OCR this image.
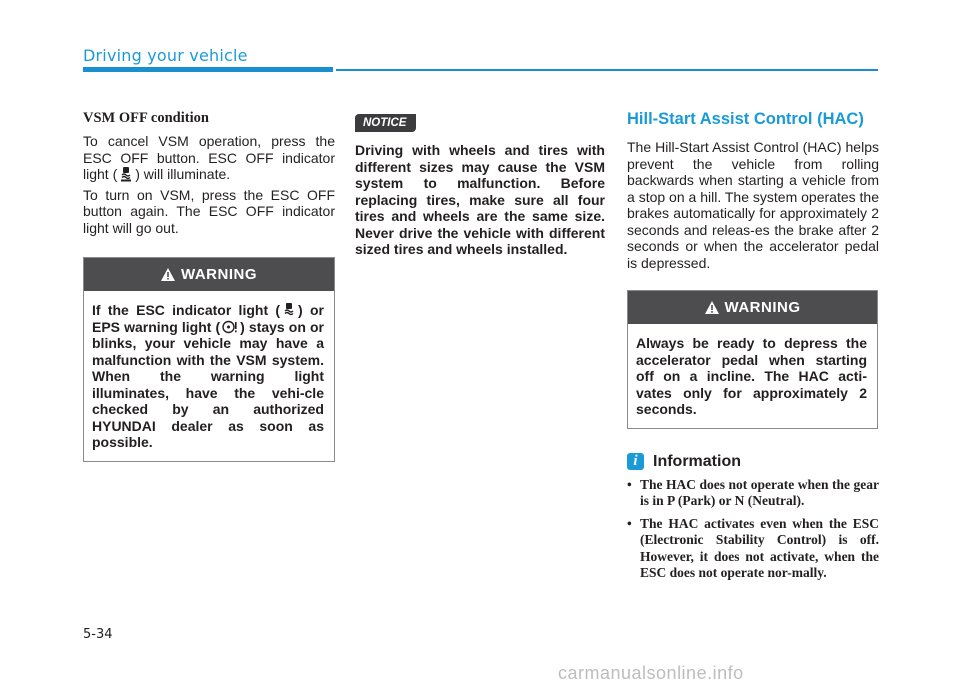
Driving your vehicle
VSM OFF condition

To cancel VSM operation, press the ESC OFF button. ESC OFF indicator light ( ) will illuminate.

To turn on VSM, press the ESC OFF button again. The ESC OFF indicator light will go out.

WARNING
If the ESC indicator light ( ) or EPS warning light ( ) stays on or blinks, your vehicle may have a malfunction with the VSM system. When the warning light illuminates, have the vehi-cle checked by an authorized HYUNDAI dealer as soon as possible.
NOTICE

Driving with wheels and tires with different sizes may cause the VSM system to malfunction. Before replacing tires, make sure all four tires and wheels are the same size. Never drive the vehicle with different sized tires and wheels installed.

Hill-Start Assist Control (HAC)

The Hill-Start Assist Control (HAC) helps prevent the vehicle from rolling backwards when starting a vehicle from a stop on a hill. The system operates the brakes automatically for approximately 2 seconds and releas-es the brake after 2 seconds or when the accelerator pedal is depressed.

WARNING
Always be ready to depress the accelerator pedal when starting off on a incline. The HAC acti-vates only for approximately 2 seconds.
i Information
• The HAC does not operate when the gear is in P (Park) or N (Neutral).
• The HAC activates even when the ESC (Electronic Stability Control) is off. However, it does not activate, when the ESC does not operate nor-mally.
5-34
carmanualsonline.info
